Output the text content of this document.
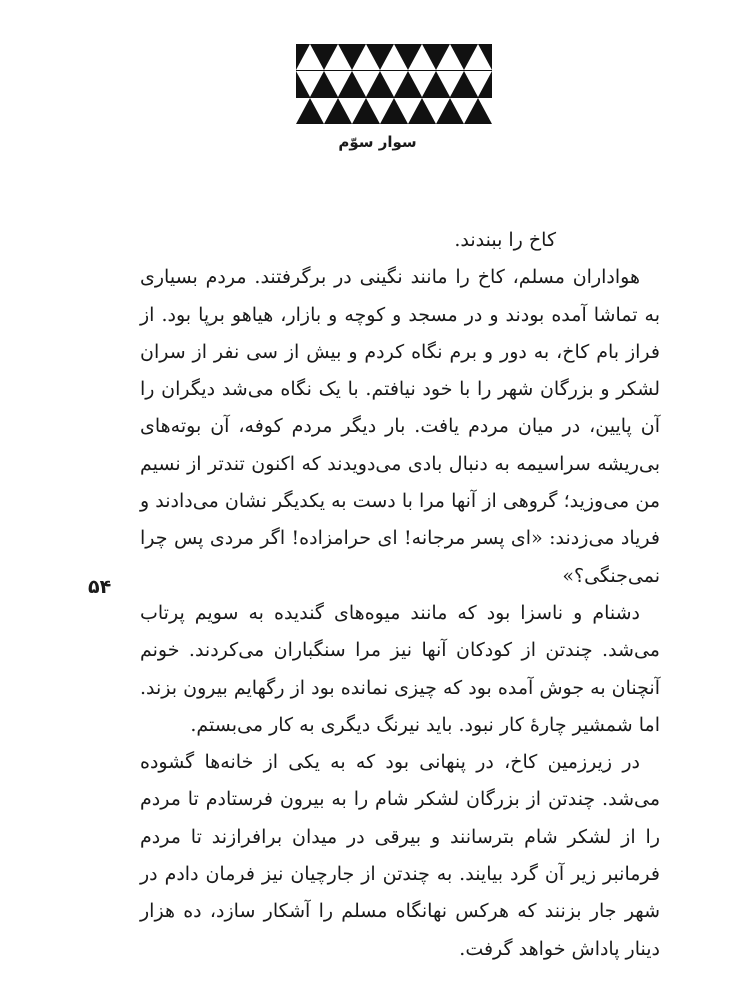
سوار سوّم

کاخ را ببندند.

هواداران مسلم، کاخ را مانند نگینی در برگرفتند. مردم بسیاری به تماشا آمده بودند و در مسجد و کوچه و بازار، هیاهو برپا بود. از فراز بام کاخ، به دور و برم نگاه کردم و بیش از سی نفر از سران لشکر و بزرگان شهر را با خود نیافتم. با یک نگاه می‌شد دیگران را آن پایین، در میان مردم یافت. بار دیگر مردم کوفه، آن بوته‌های بی‌ریشه سراسیمه به دنبال بادی می‌دویدند که اکنون تندتر از نسیم من می‌وزید؛ گروهی از آنها مرا با دست به یکدیگر نشان می‌دادند و فریاد می‌زدند: «ای پسر مرجانه! ای حرامزاده! اگر مردی پس چرا نمی‌جنگی؟»

دشنام و ناسزا بود که مانند میوه‌های گندیده به سویم پرتاب می‌شد. چندتن از کودکان آنها نیز مرا سنگباران می‌کردند. خونم آنچنان به جوش آمده بود که چیزی نمانده بود از رگهایم بیرون بزند. اما شمشیر چارهٔ کار نبود. باید نیرنگ دیگری به کار می‌بستم.

در زیرزمین کاخ، در پنهانی بود که به یکی از خانه‌ها گشوده می‌شد. چندتن از بزرگان لشکر شام را به بیرون فرستادم تا مردم را از لشکر شام بترسانند و بیرقی در میدان برافرازند تا مردم فرمانبر زیر آن گرد بیایند. به چندتن از جارچیان نیز فرمان دادم در شهر جار بزنند که هرکس نهانگاه مسلم را آشکار سازد، ده هزار دینار پاداش خواهد گرفت.

۵۴
